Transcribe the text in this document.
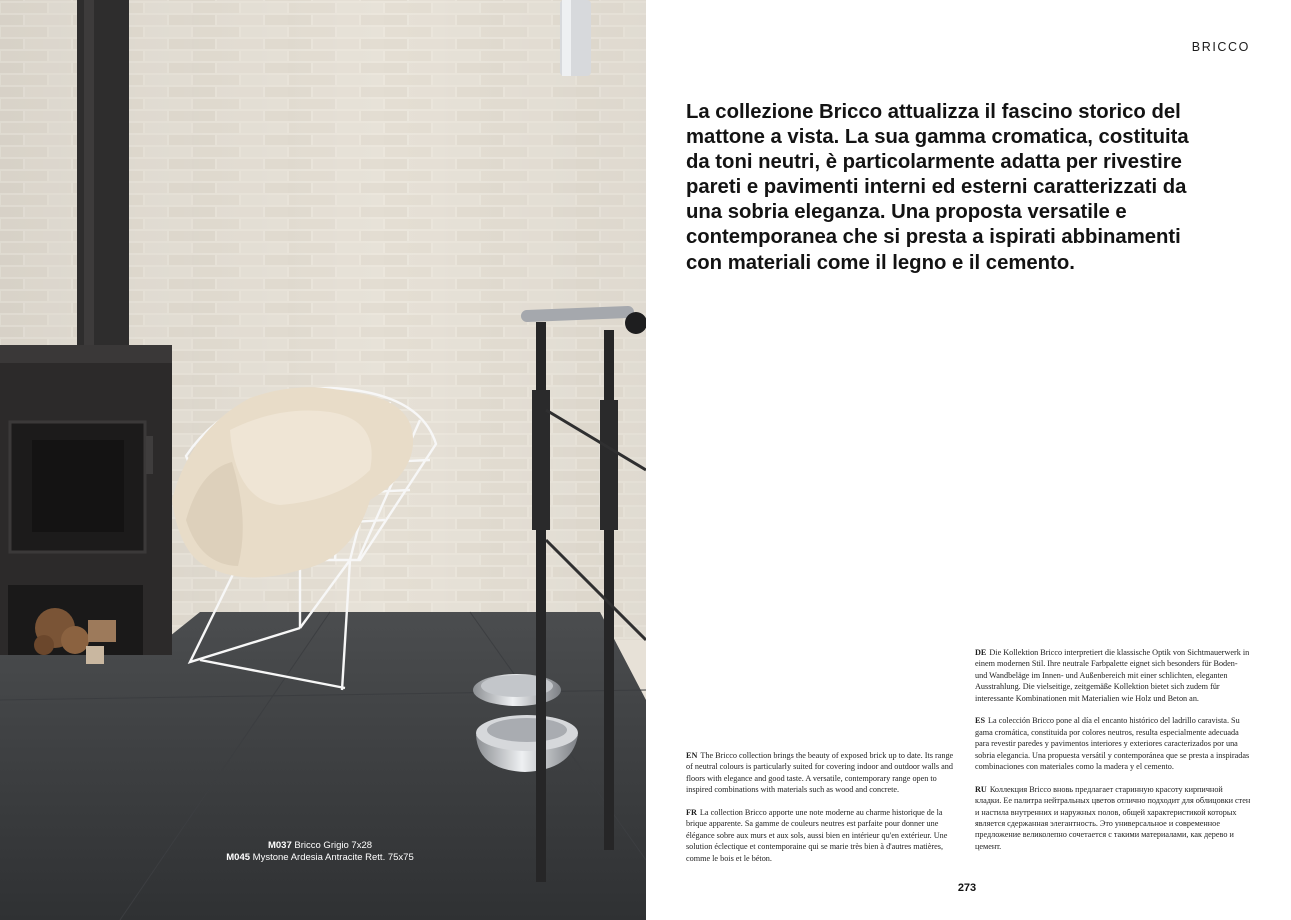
M037 Bricco Grigio 7x28
M045 Mystone Ardesia Antracite Rett. 75x75
BRICCO

La collezione Bricco attualizza il fascino storico del mattone a vista. La sua gamma cromatica, costituita da toni neutri, è particolarmente adatta per rivestire pareti e pavimenti interni ed esterni caratterizzati da una sobria eleganza. Una proposta versatile e contemporanea che si presta a ispirati abbinamenti con materiali come il legno e il cemento.

EN The Bricco collection brings the beauty of exposed brick up to date. Its range of neutral colours is particularly suited for covering indoor and outdoor walls and floors with elegance and good taste. A versatile, contemporary range open to inspired combinations with materials such as wood and concrete.

FR La collection Bricco apporte une note moderne au charme historique de la brique apparente. Sa gamme de couleurs neutres est parfaite pour donner une élégance sobre aux murs et aux sols, aussi bien en intérieur qu'en extérieur. Une solution éclectique et contemporaine qui se marie très bien à d'autres matières, comme le bois et le béton.

DE Die Kollektion Bricco interpretiert die klassische Optik von Sichtmauerwerk in einem modernen Stil. Ihre neutrale Farbpalette eignet sich besonders für Boden- und Wandbeläge im Innen- und Außenbereich mit einer schlichten, eleganten Ausstrahlung. Die vielseitige, zeitgemäße Kollektion bietet sich zudem für interessante Kombinationen mit Materialien wie Holz und Beton an.

ES La colección Bricco pone al día el encanto histórico del ladrillo caravista. Su gama cromática, constituida por colores neutros, resulta especialmente adecuada para revestir paredes y pavimentos interiores y exteriores caracterizados por una sobria elegancia. Una propuesta versátil y contemporánea que se presta a inspiradas combinaciones con materiales como la madera y el cemento.

RU Коллекция Bricco вновь предлагает старинную красоту кирпичной кладки. Ее палитра нейтральных цветов отлично подходит для облицовки стен и настила внутренних и наружных полов, общей характеристикой которых является сдержанная элегантность. Это универсальное и современное предложение великолепно сочетается с такими материалами, как дерево и цемент.

273
